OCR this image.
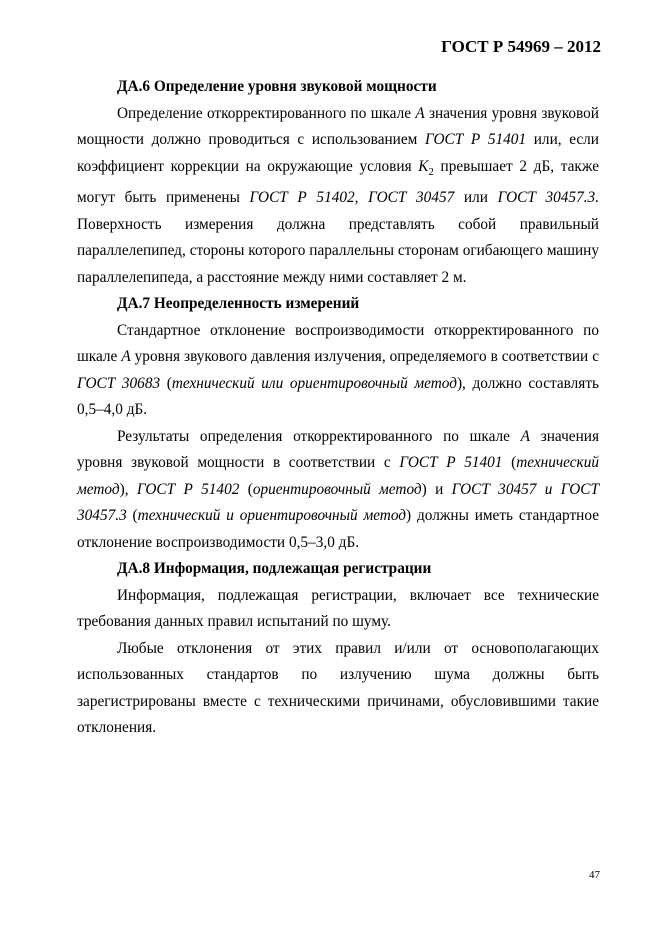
ГОСТ Р 54969 – 2012
ДА.6 Определение уровня звуковой мощности
Определение откорректированного по шкале A значения уровня звуковой мощности должно проводиться с использованием ГОСТ Р 51401 или, если коэффициент коррекции на окружающие условия $K_2$ превышает 2 дБ, также могут быть применены ГОСТ Р 51402, ГОСТ 30457 или ГОСТ 30457.3. Поверхность измерения должна представлять собой правильный параллелепипед, стороны которого параллельны сторонам огибающего машину параллелепипеда, а расстояние между ними составляет 2 м.
ДА.7 Неопределенность измерений
Стандартное отклонение воспроизводимости откорректированного по шкале A уровня звукового давления излучения, определяемого в соответствии с ГОСТ 30683 (технический или ориентировочный метод), должно составлять 0,5–4,0 дБ.
Результаты определения откорректированного по шкале A значения уровня звуковой мощности в соответствии с ГОСТ Р 51401 (технический метод), ГОСТ Р 51402 (ориентировочный метод) и ГОСТ 30457 и ГОСТ 30457.3 (технический и ориентировочный метод) должны иметь стандартное отклонение воспроизводимости 0,5–3,0 дБ.
ДА.8 Информация, подлежащая регистрации
Информация, подлежащая регистрации, включает все технические требования данных правил испытаний по шуму.
Любые отклонения от этих правил и/или от основополагающих использованных стандартов по излучению шума должны быть зарегистрированы вместе с техническими причинами, обусловившими такие отклонения.
47
